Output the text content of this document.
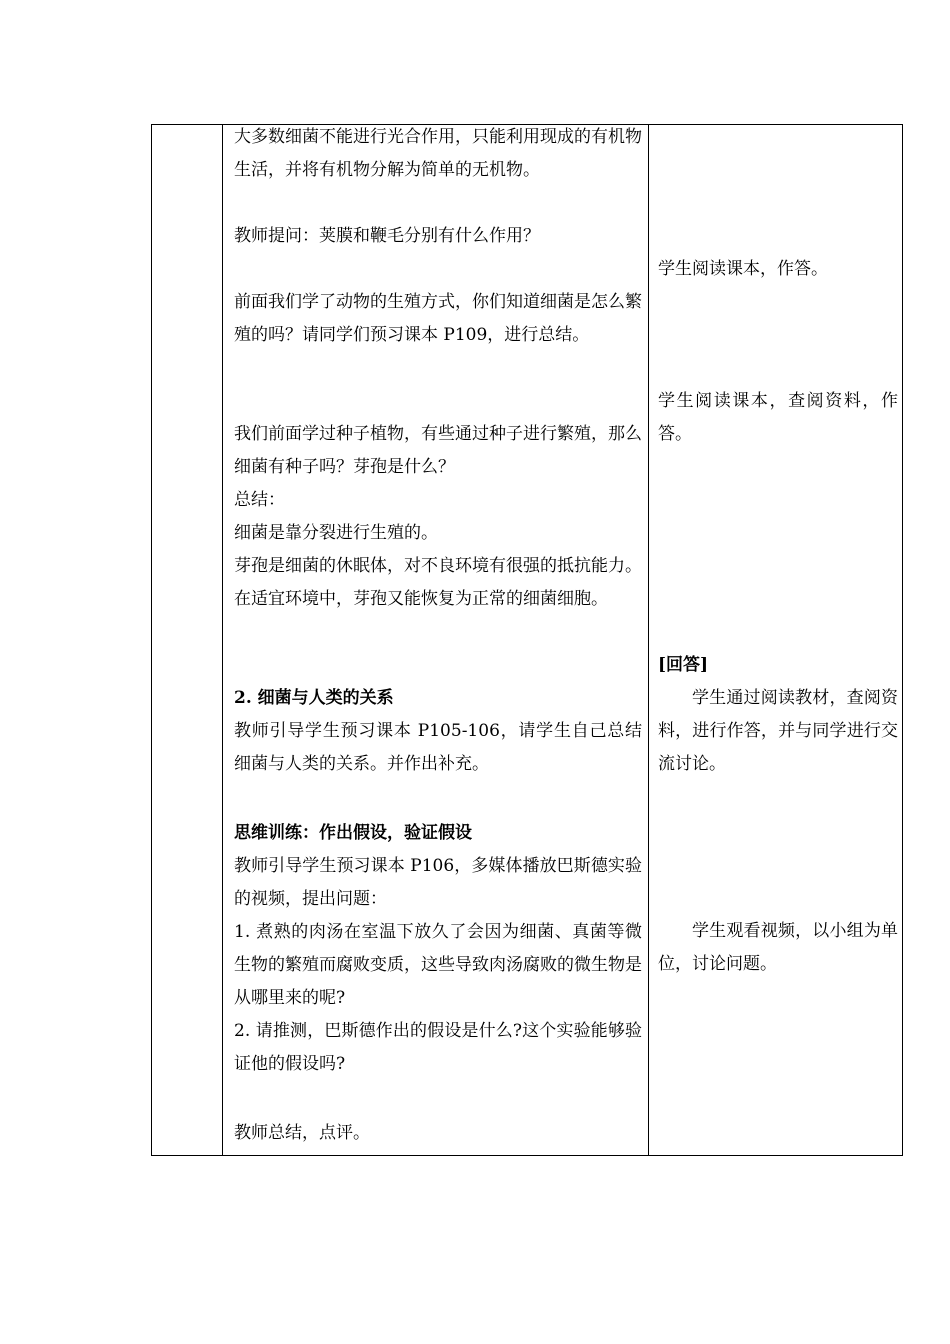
大多数细菌不能进行光合作用，只能利用现成的有机物生活，并将有机物分解为简单的无机物。
教师提问：荚膜和鞭毛分别有什么作用？
前面我们学了动物的生殖方式，你们知道细菌是怎么繁殖的吗？请同学们预习课本 P109，进行总结。
我们前面学过种子植物，有些通过种子进行繁殖，那么细菌有种子吗？芽孢是什么？
总结：
细菌是靠分裂进行生殖的。
芽孢是细菌的休眠体，对不良环境有很强的抵抗能力。在适宜环境中，芽孢又能恢复为正常的细菌细胞。
2. 细菌与人类的关系
教师引导学生预习课本 P105-106，请学生自己总结细菌与人类的关系。并作出补充。
思维训练：作出假设，验证假设
教师引导学生预习课本 P106，多媒体播放巴斯德实验的视频，提出问题：
1. 煮熟的肉汤在室温下放久了会因为细菌、真菌等微生物的繁殖而腐败变质，这些导致肉汤腐败的微生物是从哪里来的呢?
2. 请推测，巴斯德作出的假设是什么?这个实验能够验证他的假设吗?
教师总结，点评。
学生阅读课本，作答。
学生阅读课本，查阅资料，作答。
[回答]
学生通过阅读教材，查阅资料，进行作答，并与同学进行交流讨论。
学生观看视频，以小组为单位，讨论问题。
